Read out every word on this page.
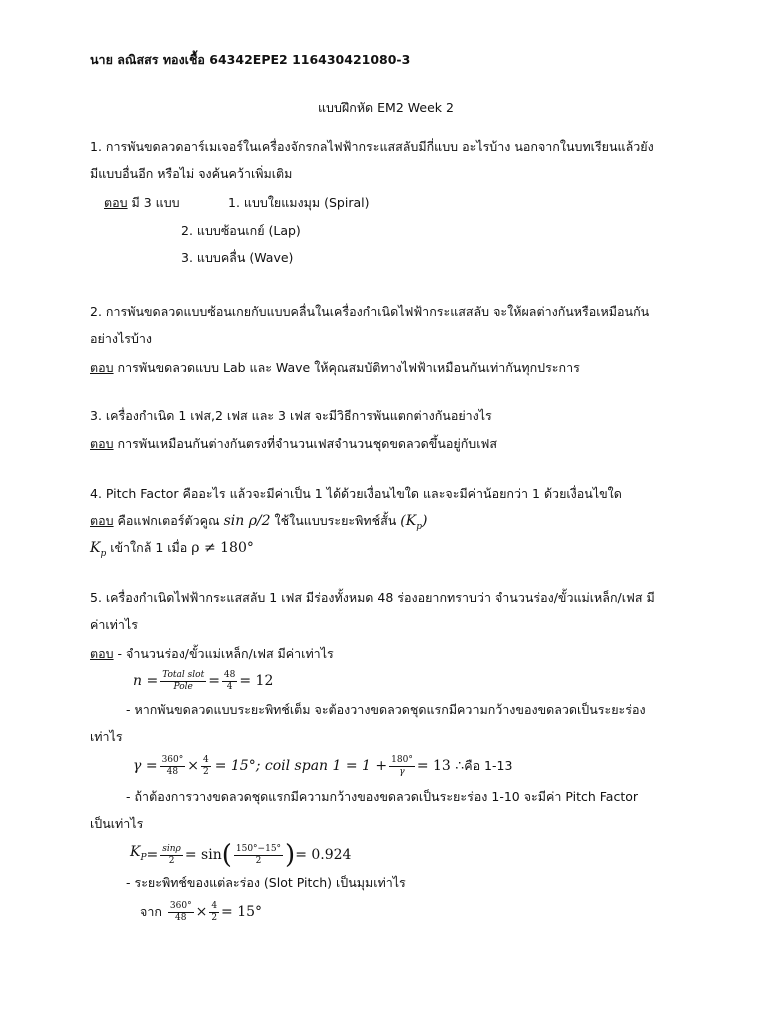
นาย ลณิสสร ทองเชื้อ 64342EPE2 116430421080-3
แบบฝึกหัด EM2 Week 2
1. การพันขดลวดอาร์เมเจอร์ในเครื่องจักรกลไฟฟ้ากระแสสลับมีกี่แบบ อะไรบ้าง นอกจากในบทเรียนแล้วยัง
มีแบบอื่นอีก หรือไม่ จงค้นคว้าเพิ่มเติม
ตอบ มี 3 แบบ	1. แบบใยแมงมุม (Spiral)
2. แบบซ้อนเกย์ (Lap)
3. แบบคลื่น (Wave)
2. การพันขดลวดแบบซ้อนเกยกับแบบคลื่นในเครื่องกำเนิดไฟฟ้ากระแสสลับ จะให้ผลต่างกันหรือเหมือนกัน
อย่างไรบ้าง
ตอบ การพันขดลวดแบบ Lab และ Wave ให้คุณสมบัติทางไฟฟ้าเหมือนกันเท่ากันทุกประการ
3. เครื่องกำเนิด 1 เฟส,2 เฟส และ 3 เฟส จะมีวิธีการพันแตกต่างกันอย่างไร
ตอบ การพันเหมือนกันต่างกันตรงที่จำนวนเฟสจำนวนชุดขดลวดขึ้นอยู่กับเฟส
4. Pitch Factor คืออะไร แล้วจะมีค่าเป็น 1 ได้ด้วยเงื่อนไขใด และจะมีค่าน้อยกว่า 1 ด้วยเงื่อนไขใด
ตอบ คือแฟกเตอร์ตัวคูณ sin ρ/2 ใช้ในแบบระยะพิทช์สั้น $(K_p)$
$K_p$ เข้าใกล้ 1 เมื่อ ρ ≠ 180°
5. เครื่องกำเนิดไฟฟ้ากระแสสลับ 1 เฟส มีร่องทั้งหมด 48 ร่องอยากทราบว่า จำนวนร่อง/ขั้วแม่เหล็ก/เฟส มี
ค่าเท่าไร
ตอบ - จำนวนร่อง/ขั้วแม่เหล็ก/เฟส มีค่าเท่าไร
$n = \frac{\text{Total slot}}{\text{Pole}} = \frac{48}{4} = 12$
- หากพันขดลวดแบบระยะพิทช์เต็ม จะต้องวางขดลวดชุดแรกมีความกว้างของขดลวดเป็นระยะร่อง
เท่าไร
$\gamma = \frac{360^\circ}{48} \times \frac{4}{2} = 15^\circ$; coil span $1 = 1 + \frac{180^\circ}{\gamma} = 13$ ∴ คือ 1-13
- ถ้าต้องการวางขดลวดชุดแรกมีความกว้างของขดลวดเป็นระยะร่อง 1-10 จะมีค่า Pitch Factor
เป็นเท่าไร
$K_P = \frac{\sin\rho}{2} = \sin$ ( $\frac{150^\circ-15^\circ}{2}$ ) = 0.924
- ระยะพิทช์ของแต่ละร่อง (Slot Pitch) เป็นมุมเท่าไร
จาก $\frac{360^\circ}{48} \times \frac{4}{2} = 15^\circ$
